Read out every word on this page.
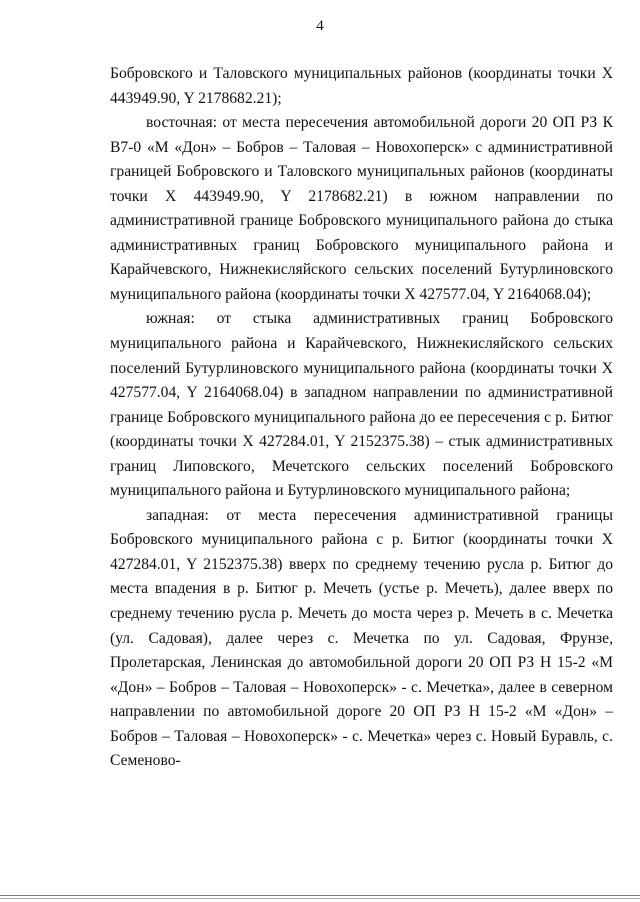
4

Бобровского и Таловского муниципальных районов (координаты точки X 443949.90, Y 2178682.21);

восточная: от места пересечения автомобильной дороги 20 ОП РЗ К В7-0 «М «Дон» – Бобров – Таловая – Новохоперск» с административной границей Бобровского и Таловского муниципальных районов (координаты точки X 443949.90, Y 2178682.21) в южном направлении по административной границе Бобровского муниципального района до стыка административных границ Бобровского муниципального района и Карайчевского, Нижнекисляйского сельских поселений Бутурлиновского муниципального района (координаты точки X 427577.04, Y 2164068.04);

южная: от стыка административных границ Бобровского муниципального района и Карайчевского, Нижнекисляйского сельских поселений Бутурлиновского муниципального района (координаты точки X 427577.04, Y 2164068.04) в западном направлении по административной границе Бобровского муниципального района до ее пересечения с р. Битюг (координаты точки X 427284.01, Y 2152375.38) – стык административных границ Липовского, Мечетского сельских поселений Бобровского муниципального района и Бутурлиновского муниципального района;

западная: от места пересечения административной границы Бобровского муниципального района с р. Битюг (координаты точки X 427284.01, Y 2152375.38) вверх по среднему течению русла р. Битюг до места впадения в р. Битюг р. Мечеть (устье р. Мечеть), далее вверх по среднему течению русла р. Мечеть до моста через р. Мечеть в с. Мечетка (ул. Садовая), далее через с. Мечетка по ул. Садовая, Фрунзе, Пролетарская, Ленинская до автомобильной дороги 20 ОП РЗ Н 15-2 «М «Дон» – Бобров – Таловая – Новохоперск» - с. Мечетка», далее в северном направлении по автомобильной дороге 20 ОП РЗ Н 15-2 «М «Дон» – Бобров – Таловая – Новохоперск» - с. Мечетка» через с. Новый Буравль, с. Семеново-
